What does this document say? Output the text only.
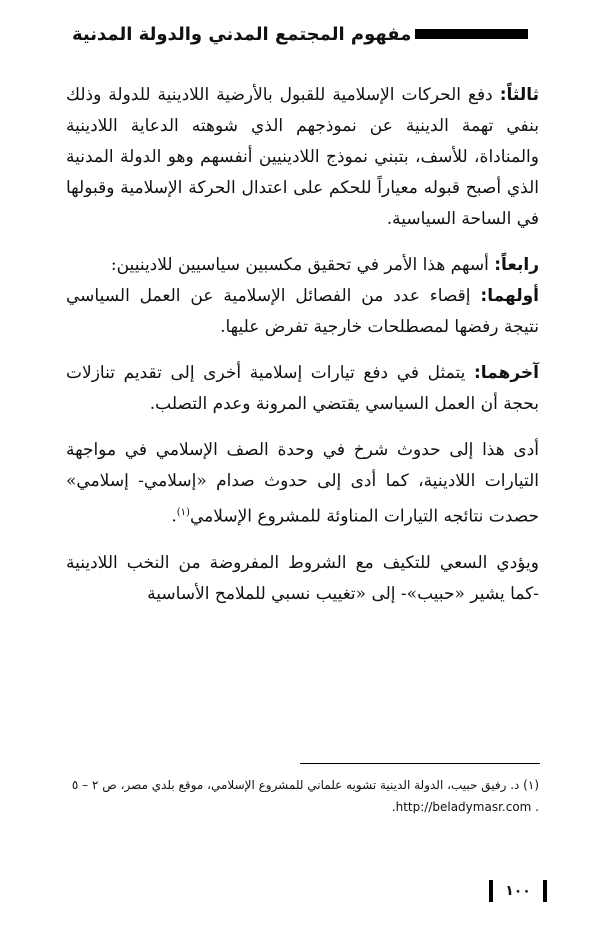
مفهوم المجتمع المدني والدولة المدنية

ثالثاً: دفع الحركات الإسلامية للقبول بالأرضية اللادينية للدولة وذلك بنفي تهمة الدينية عن نموذجهم الذي شوهته الدعاية اللادينية والمناداة، للأسف، بتبني نموذج اللادينيين أنفسهم وهو الدولة المدنية الذي أصبح قبوله معياراً للحكم على اعتدال الحركة الإسلامية وقبولها في الساحة السياسية.

رابعاً: أسهم هذا الأمر في تحقيق مكسبين سياسيين للادينيين:
أولهما: إقصاء عدد من الفصائل الإسلامية عن العمل السياسي نتيجة رفضها لمصطلحات خارجية تفرض عليها.

آخرهما: يتمثل في دفع تيارات إسلامية أخرى إلى تقديم تنازلات بحجة أن العمل السياسي يقتضي المرونة وعدم التصلب.

أدى هذا إلى حدوث شرخ في وحدة الصف الإسلامي في مواجهة التيارات اللادينية، كما أدى إلى حدوث صدام «إسلامي- إسلامي» حصدت نتائجه التيارات المناوئة للمشروع الإسلامي$^{(١)}$.

ويؤدي السعي للتكيف مع الشروط المفروضة من النخب اللادينية -كما يشير «حبيب»- إلى «تغييب نسبي للملامح الأساسية

(١) د. رفيق حبيب، الدولة الدينية تشويه علماني للمشروع الإسلامي، موقع بلدي مصر، ص ٢ – ٥ . http://beladymasr.com.
١٠٠
